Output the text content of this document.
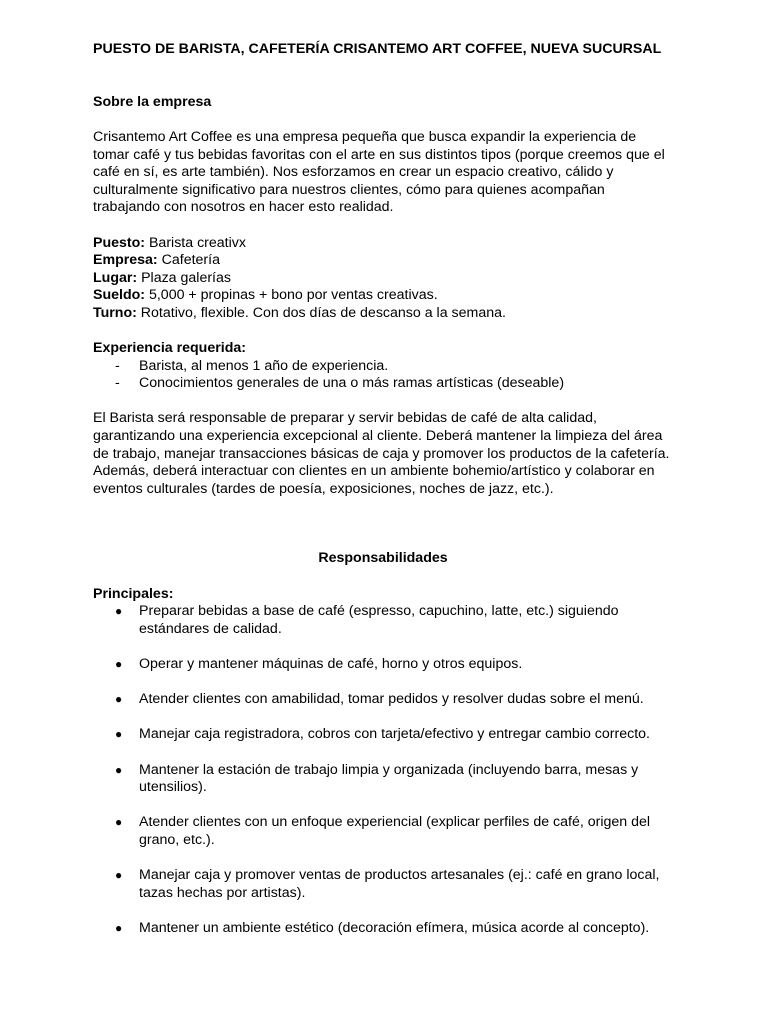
PUESTO DE BARISTA, CAFETERÍA CRISANTEMO ART COFFEE, NUEVA SUCURSAL

Sobre la empresa

Crisantemo Art Coffee es una empresa pequeña que busca expandir la experiencia de tomar café y tus bebidas favoritas con el arte en sus distintos tipos (porque creemos que el café en sí, es arte también). Nos esforzamos en crear un espacio creativo, cálido y culturalmente significativo para nuestros clientes, cómo para quienes acompañan trabajando con nosotros en hacer esto realidad.

Puesto: Barista creativx
Empresa: Cafetería
Lugar: Plaza galerías
Sueldo: 5,000 + propinas + bono por ventas creativas.
Turno: Rotativo, flexible. Con dos días de descanso a la semana.

Experiencia requerida:

- Barista, al menos 1 año de experiencia.
- Conocimientos generales de una o más ramas artísticas (deseable)

El Barista será responsable de preparar y servir bebidas de café de alta calidad, garantizando una experiencia excepcional al cliente. Deberá mantener la limpieza del área de trabajo, manejar transacciones básicas de caja y promover los productos de la cafetería. Además, deberá interactuar con clientes en un ambiente bohemio/artístico y colaborar en eventos culturales (tardes de poesía, exposiciones, noches de jazz, etc.).

Responsabilidades

Principales:

● Preparar bebidas a base de café (espresso, capuchino, latte, etc.) siguiendo estándares de calidad.
● Operar y mantener máquinas de café, horno y otros equipos.
● Atender clientes con amabilidad, tomar pedidos y resolver dudas sobre el menú.
● Manejar caja registradora, cobros con tarjeta/efectivo y entregar cambio correcto.
● Mantener la estación de trabajo limpia y organizada (incluyendo barra, mesas y utensilios).
● Atender clientes con un enfoque experiencial (explicar perfiles de café, origen del grano, etc.).
● Manejar caja y promover ventas de productos artesanales (ej.: café en grano local, tazas hechas por artistas).
● Mantener un ambiente estético (decoración efímera, música acorde al concepto).
